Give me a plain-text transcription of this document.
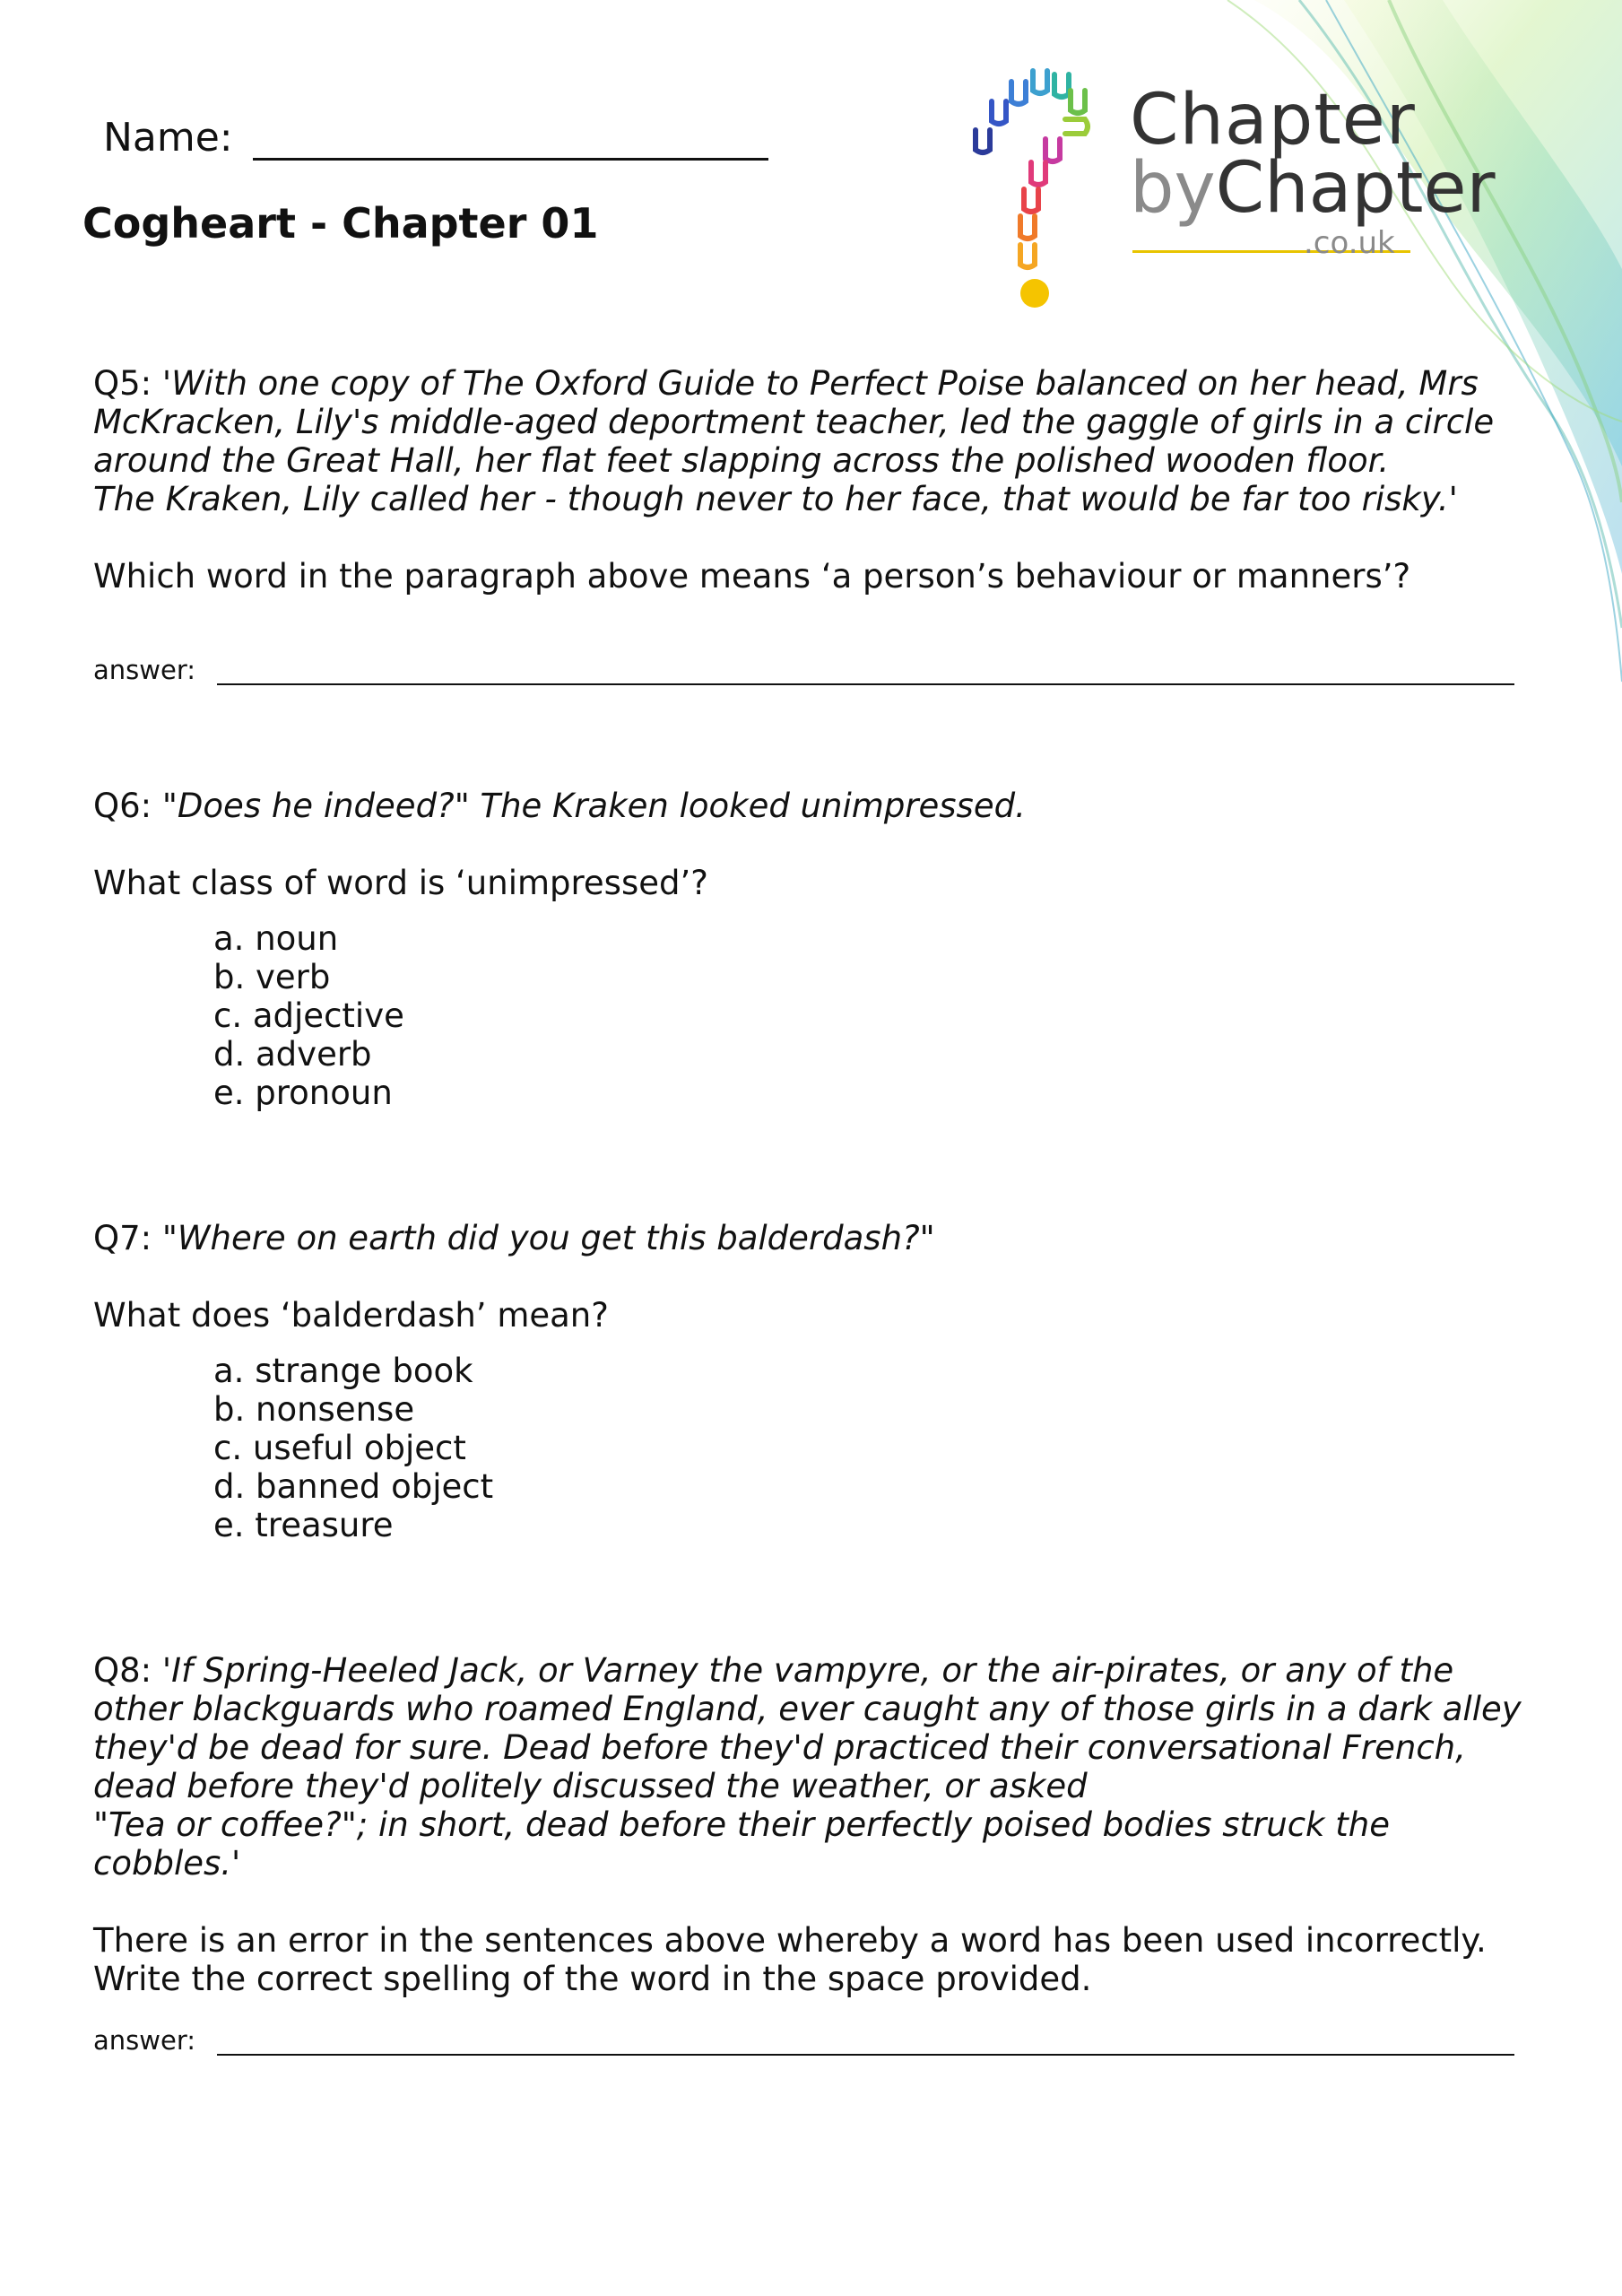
Name:
Cogheart - Chapter 01
Chapter
byChapter
.co.uk

Q5: 'With one copy of The Oxford Guide to Perfect Poise balanced on her head, Mrs
McKracken, Lily's middle-aged deportment teacher, led the gaggle of girls in a circle
around the Great Hall, her flat feet slapping across the polished wooden floor.
The Kraken, Lily called her - though never to her face, that would be far too risky.'

Which word in the paragraph above means ‘a person’s behaviour or manners’?

answer:

Q6: "Does he indeed?" The Kraken looked unimpressed.

What class of word is ‘unimpressed’?

a. noun
b. verb
c. adjective
d. adverb
e. pronoun

Q7: "Where on earth did you get this balderdash?"

What does ‘balderdash’ mean?

a. strange book
b. nonsense
c. useful object
d. banned object
e. treasure

Q8: 'If Spring-Heeled Jack, or Varney the vampyre, or the air-pirates, or any of the
other blackguards who roamed England, ever caught any of those girls in a dark alley
they'd be dead for sure. Dead before they'd practiced their conversational French,
dead before they'd politely discussed the weather, or asked
"Tea or coffee?"; in short, dead before their perfectly poised bodies struck the cobbles.'

There is an error in the sentences above whereby a word has been used incorrectly.
Write the correct spelling of the word in the space provided.

answer:
